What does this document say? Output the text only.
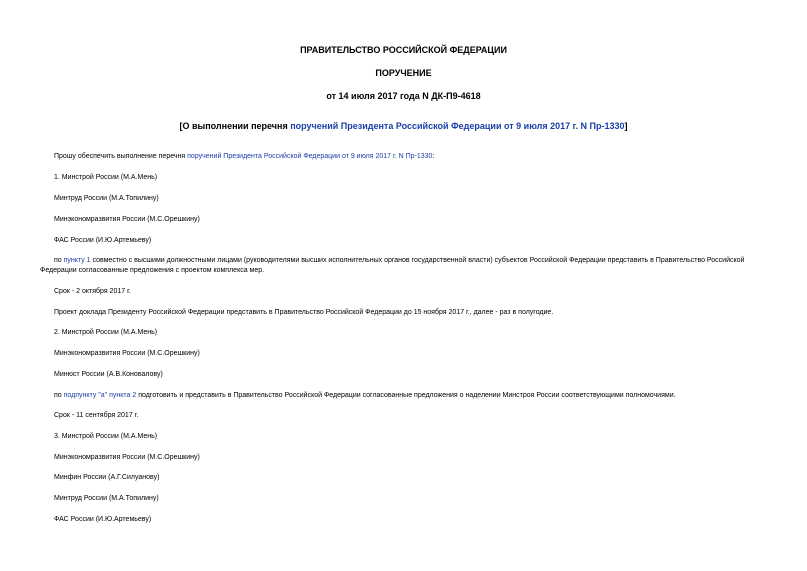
ПРАВИТЕЛЬСТВО РОССИЙСКОЙ ФЕДЕРАЦИИ
ПОРУЧЕНИЕ
от 14 июля 2017 года N ДК-П9-4618
[О выполнении перечня поручений Президента Российской Федерации от 9 июля 2017 г. N Пр-1330]
Прошу обеспечить выполнение перечня поручений Президента Российской Федерации от 9 июля 2017 г. N Пр-1330:
1. Минстрой России (М.А.Мень)
Минтруд России (М.А.Топилину)
Минэкономразвития России (М.С.Орешкину)
ФАС России (И.Ю.Артемьеву)
по пункту 1 совместно с высшими должностными лицами (руководителями высших исполнительных органов государственной власти) субъектов Российской Федерации представить в Правительство Российской Федерации согласованные предложения с проектом комплекса мер.
Срок - 2 октября 2017 г.
Проект доклада Президенту Российской Федерации представить в Правительство Российской Федерации до 15 ноября 2017 г., далее - раз в полугодие.
2. Минстрой России (М.А.Мень)
Минэкономразвития России (М.С.Орешкину)
Минюст России (А.В.Коновалову)
по подпункту "а" пункта 2 подготовить и представить в Правительство Российской Федерации согласованные предложения о наделении Минстроя России соответствующими полномочиями.
Срок - 11 сентября 2017 г.
3. Минстрой России (М.А.Мень)
Минэкономразвития России (М.С.Орешкину)
Минфин России (А.Г.Силуанову)
Минтруд России (М.А.Топилину)
ФАС России (И.Ю.Артемьеву)
